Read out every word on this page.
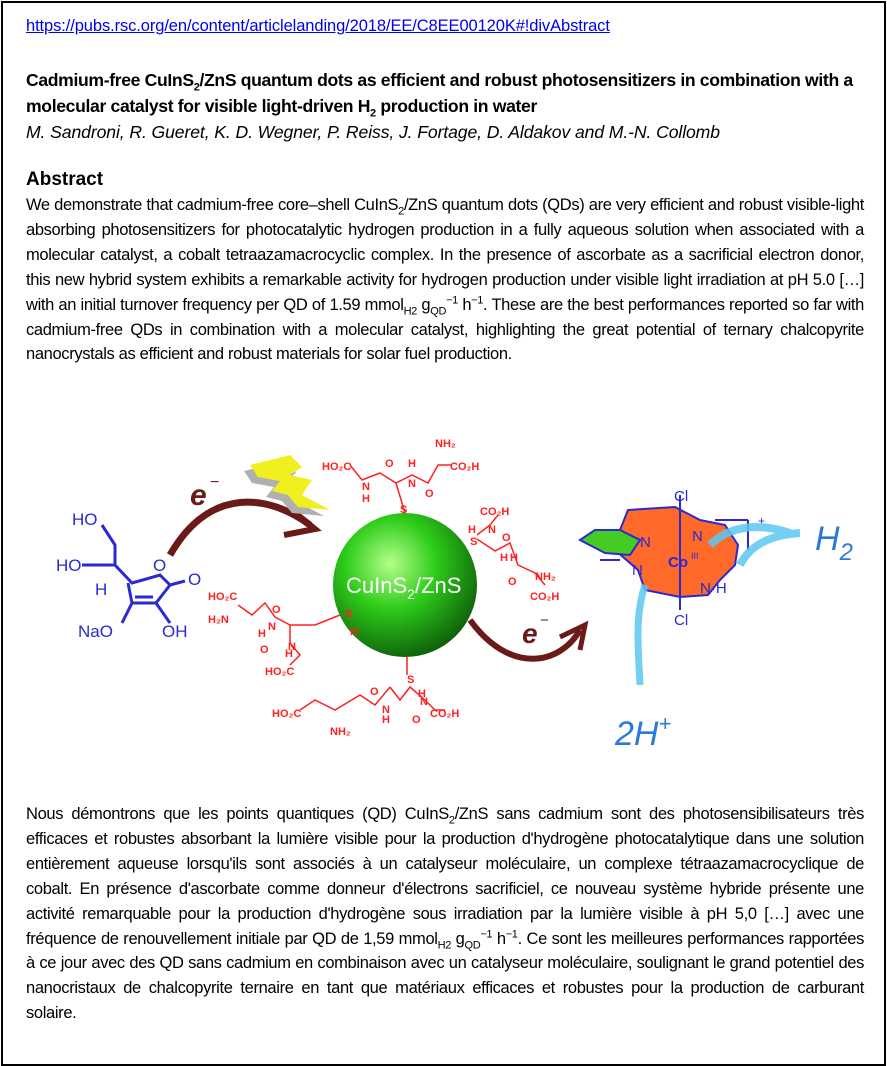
https://pubs.rsc.org/en/content/articlelanding/2018/EE/C8EE00120K#!divAbstract
Cadmium-free CuInS$_2$/ZnS quantum dots as efficient and robust photosensitizers in combination with a molecular catalyst for visible light-driven $H_2$ production in water
M. Sandroni, R. Gueret, K. D. Wegner, P. Reiss, J. Fortage, D. Aldakov and M.-N. Collomb
Abstract
We demonstrate that cadmium-free core–shell CuInS$_2$/ZnS quantum dots (QDs) are very efficient and robust visible-light absorbing photosensitizers for photocatalytic hydrogen production in a fully aqueous solution when associated with a molecular catalyst, a cobalt tetraazamacrocyclic complex. In the presence of ascorbate as a sacrificial electron donor, this new hybrid system exhibits a remarkable activity for hydrogen production under visible light irradiation at pH 5.0 […] with an initial turnover frequency per QD of 1.59 mmol$_{H2}$ $g_{QD}^{-1}$ $h^{-1}$. These are the best performances reported so far with cadmium-free QDs in combination with a molecular catalyst, highlighting the great potential of ternary chalcopyrite nanocrystals as efficient and robust materials for solar fuel production.
HO
HO
H
O
O
NaO	OH
e −
CuInS$_2$/ZnS
HO₂C	O H
NH₂
CO₂H
N
H
N
O
S	CO₂H
H
S
N
O
H H
O NH₂
CO₂H
HO₂C
H₂N
O
N
H
S
H
O N
H
HO₂C
S
H
O
N
H O
N
HO₂C
NH₂
CO₂H
e −
Cl
Cl
Co III
N	N
N
N·H
+ $H_2$
2H+
Nous démontrons que les points quantiques (QD) CuInS$_2$/ZnS sans cadmium sont des photosensibilisateurs très efficaces et robustes absorbant la lumière visible pour la production d'hydrogène photocatalytique dans une solution entièrement aqueuse lorsqu'ils sont associés à un catalyseur moléculaire, un complexe tétraazamacrocyclique de cobalt. En présence d'ascorbate comme donneur d'électrons sacrificiel, ce nouveau système hybride présente une activité remarquable pour la production d'hydrogène sous irradiation par la lumière visible à pH 5,0 […] avec une fréquence de renouvellement initiale par QD de 1,59 mmol$_{H2}$ $g_{QD}^{-1}$ $h^{-1}$. Ce sont les meilleures performances rapportées à ce jour avec des QD sans cadmium en combinaison avec un catalyseur moléculaire, soulignant le grand potentiel des nanocristaux de chalcopyrite ternaire en tant que matériaux efficaces et robustes pour la production de carburant solaire.
